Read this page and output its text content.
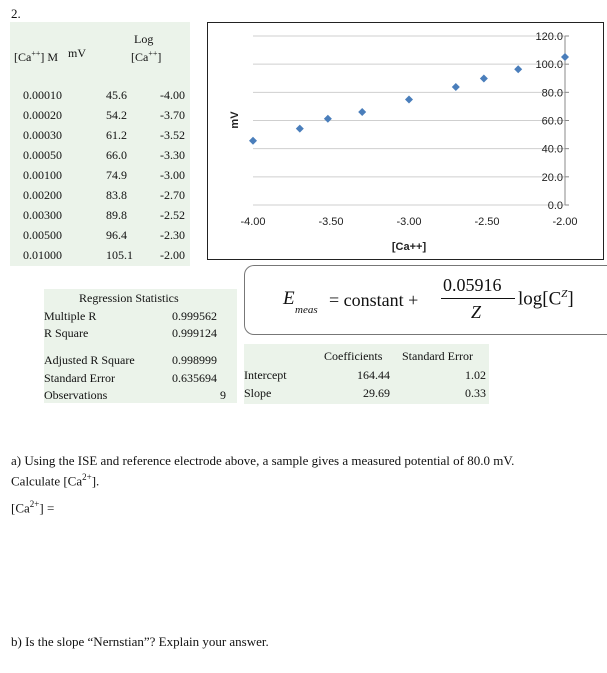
2.
[Ca++] M mV
Log
[Ca++]
0.00010	45.6	-4.00
0.00020	54.2	-3.70
0.00030	61.2	-3.52
0.00050	66.0	-3.30
0.00100	74.9	-3.00
0.00200	83.8	-2.70
0.00300	89.8	-2.52
0.00500	96.4	-2.30
0.01000	105.1 -2.00
0.0
20.0
40.0
60.0
80.0
100.0
120.0
-4.00	-3.50	-3.00	-2.50	-2.00
mV
[Ca++]
E
meas = constant +
0.05916
Z
$\log[C^Z]$
Regression Statistics
Multiple R	0.999562
R Square	0.999124
Adjusted R Square	0.998999
Standard Error	0.635694
Observations	9
Coefficients Standard Error
Intercept	164.44	1.02
Slope	29.69	0.33
a) Using the ISE and reference electrode above, a sample gives a measured potential of 80.0 mV.
Calculate $[Ca^{2+}]$.
$[Ca^{2+}]$ =
b) Is the slope “Nernstian”? Explain your answer.
